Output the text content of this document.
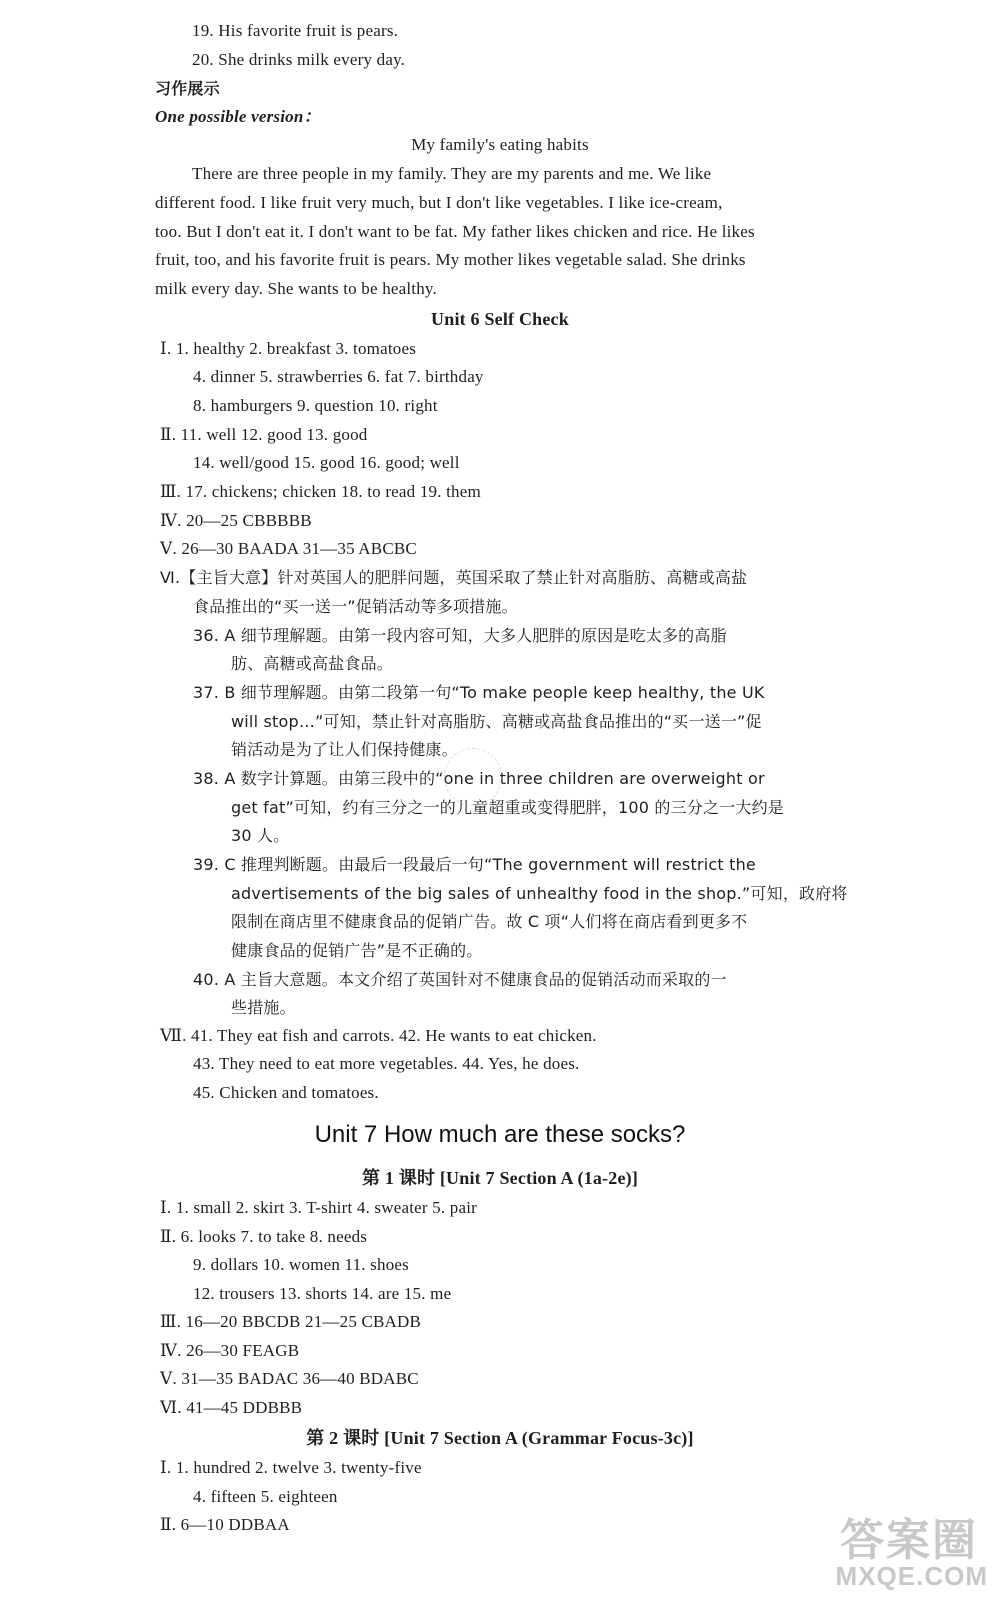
19. His favorite fruit is pears.
20. She drinks milk every day.
习作展示
One possible version：
My family's eating habits
There are three people in my family. They are my parents and me. We like
different food. I like fruit very much, but I don't like vegetables. I like ice-cream,
too. But I don't eat it. I don't want to be fat. My father likes chicken and rice. He likes
fruit, too, and his favorite fruit is pears. My mother likes vegetable salad. She drinks
milk every day. She wants to be healthy.
Unit 6 Self Check
Ⅰ. 1. healthy 2. breakfast 3. tomatoes
4. dinner 5. strawberries 6. fat 7. birthday
8. hamburgers 9. question 10. right
Ⅱ. 11. well 12. good 13. good
14. well/good 15. good 16. good; well
Ⅲ. 17. chickens; chicken 18. to read 19. them
Ⅳ. 20—25 CBBBBB
Ⅴ. 26—30 BAADA 31—35 ABCBC
Ⅵ.【主旨大意】针对英国人的肥胖问题，英国采取了禁止针对高脂肪、高糖或高盐
食品推出的“买一送一”促销活动等多项措施。
36. A 细节理解题。由第一段内容可知，大多人肥胖的原因是吃太多的高脂
肪、高糖或高盐食品。
37. B 细节理解题。由第二段第一句“To make people keep healthy, the UK
will stop…”可知，禁止针对高脂肪、高糖或高盐食品推出的“买一送一”促
销活动是为了让人们保持健康。
38. A 数字计算题。由第三段中的“one in three children are overweight or
get fat”可知，约有三分之一的儿童超重或变得肥胖，100 的三分之一大约是
30 人。
39. C 推理判断题。由最后一段最后一句“The government will restrict the
advertisements of the big sales of unhealthy food in the shop.”可知，政府将
限制在商店里不健康食品的促销广告。故 C 项“人们将在商店看到更多不
健康食品的促销广告”是不正确的。
40. A 主旨大意题。本文介绍了英国针对不健康食品的促销活动而采取的一
些措施。
Ⅶ. 41. They eat fish and carrots. 42. He wants to eat chicken.
43. They need to eat more vegetables. 44. Yes, he does.
45. Chicken and tomatoes.
Unit 7 How much are these socks?
第 1 课时 [Unit 7 Section A (1a-2e)]
Ⅰ. 1. small 2. skirt 3. T-shirt 4. sweater 5. pair
Ⅱ. 6. looks 7. to take 8. needs
9. dollars 10. women 11. shoes
12. trousers 13. shorts 14. are 15. me
Ⅲ. 16—20 BBCDB 21—25 CBADB
Ⅳ. 26—30 FEAGB
Ⅴ. 31—35 BADAC 36—40 BDABC
Ⅵ. 41—45 DDBBB
第 2 课时 [Unit 7 Section A (Grammar Focus-3c)]
Ⅰ. 1. hundred 2. twelve 3. twenty-five
4. fifteen 5. eighteen
Ⅱ. 6—10 DDBAA	答案圈
MXQE.COM
